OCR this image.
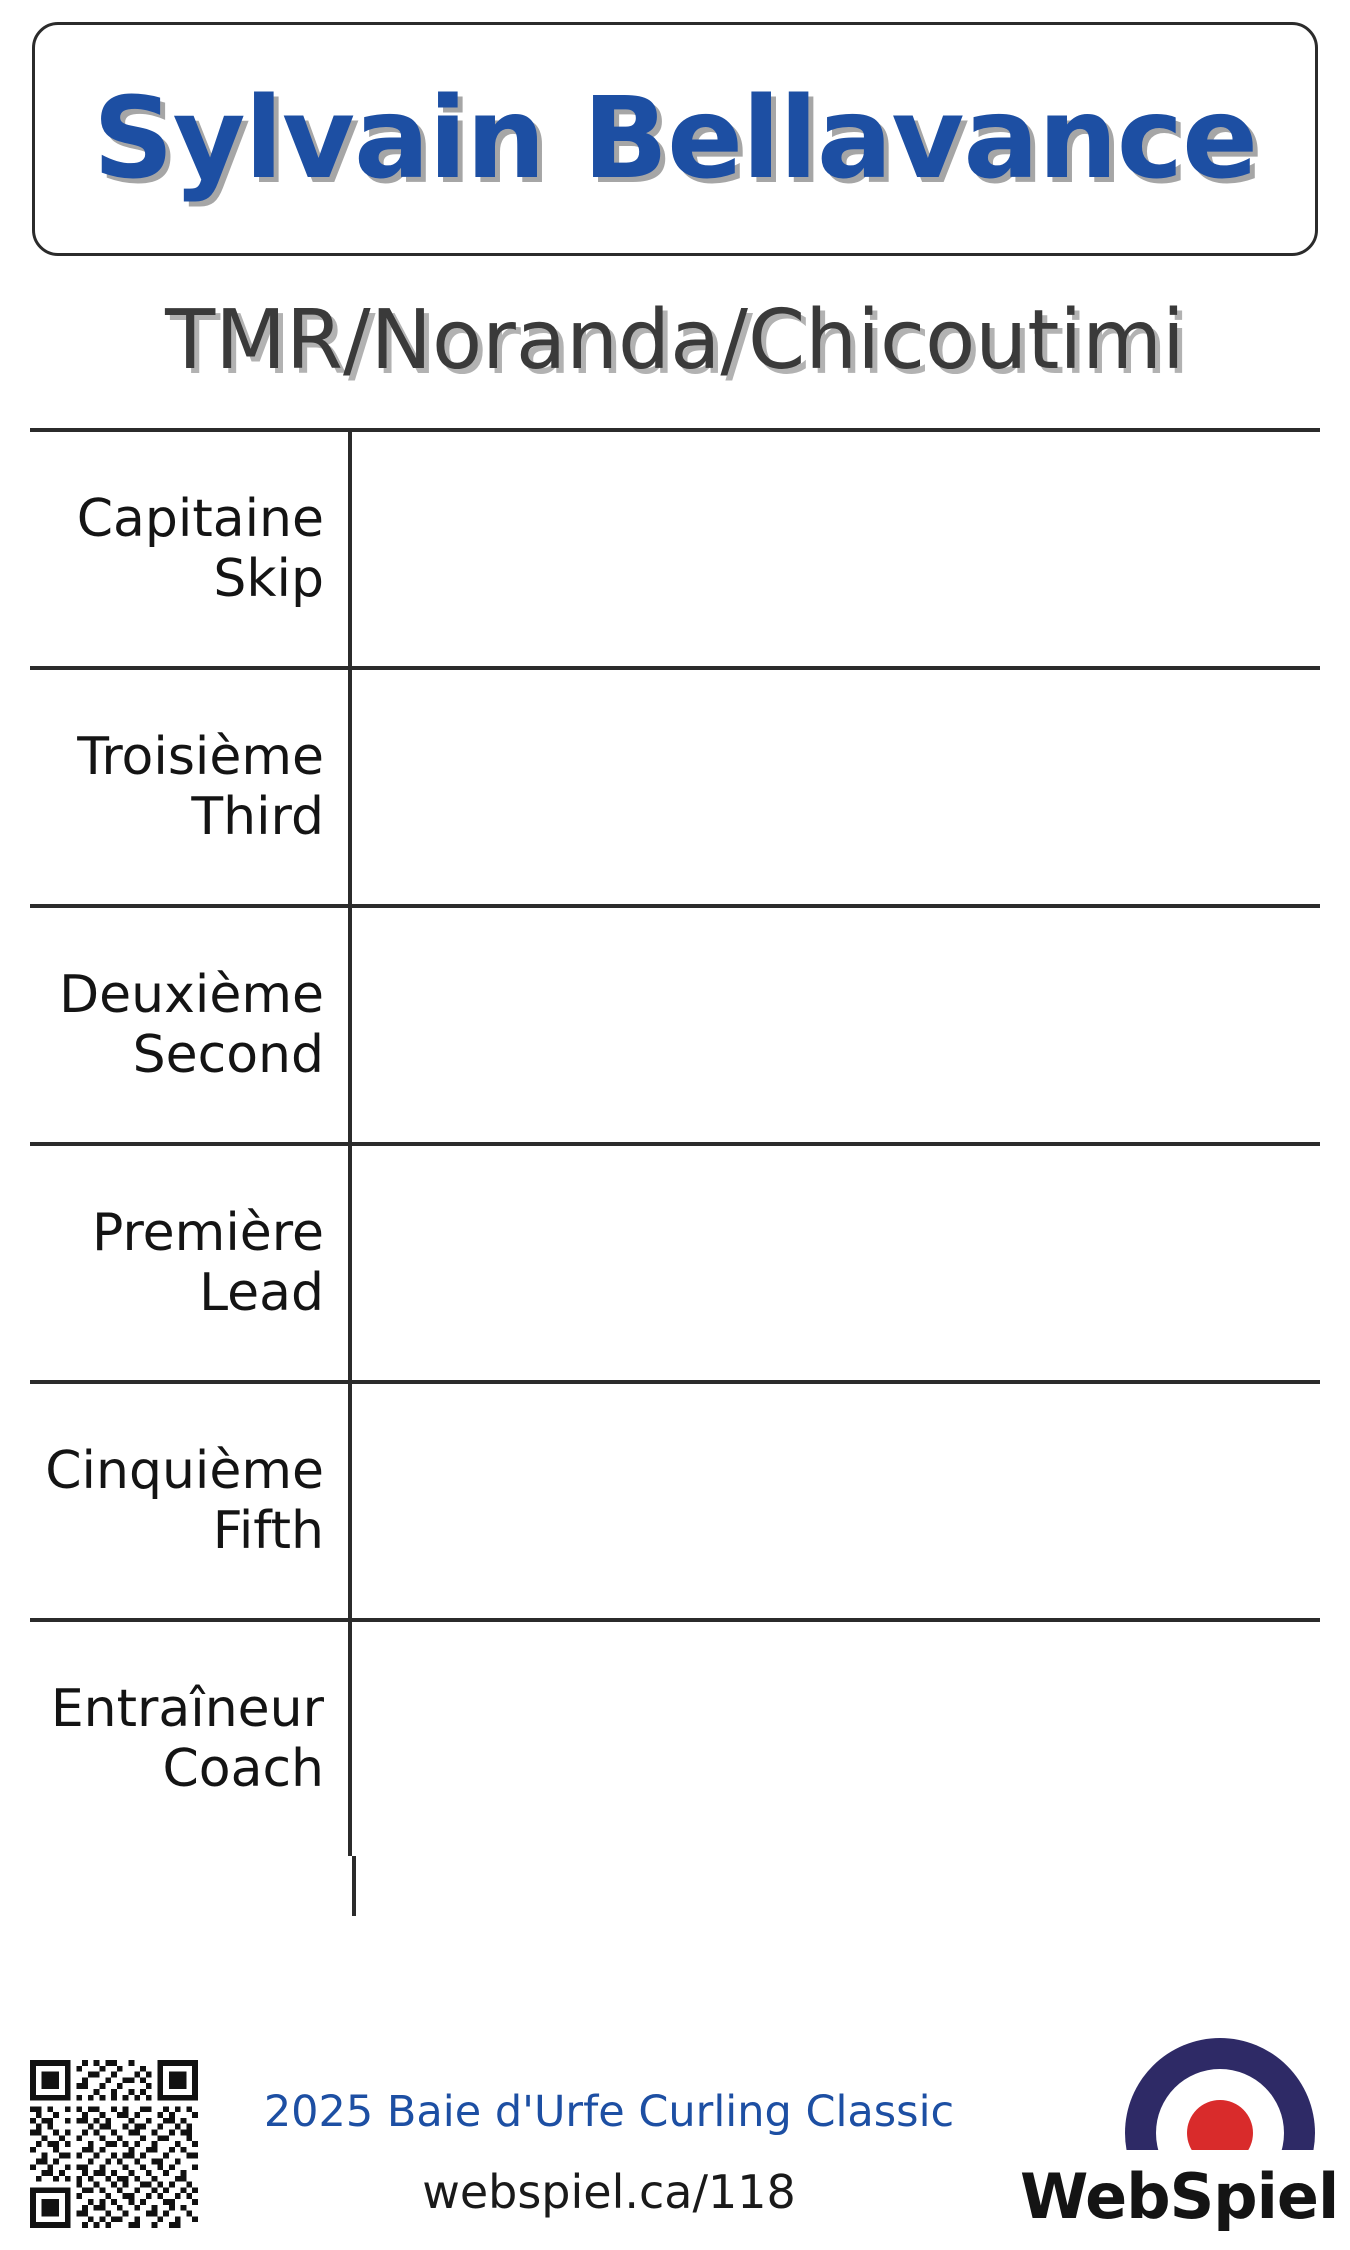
Sylvain Bellavance
TMR/Noranda/Chicoutimi
Capitaine
Skip
Troisième
Third
Deuxième
Second
Première
Lead
Cinquième
Fifth
Entraîneur
Coach
2025 Baie d'Urfe Curling Classic
webspiel.ca/118	WebSpiel
